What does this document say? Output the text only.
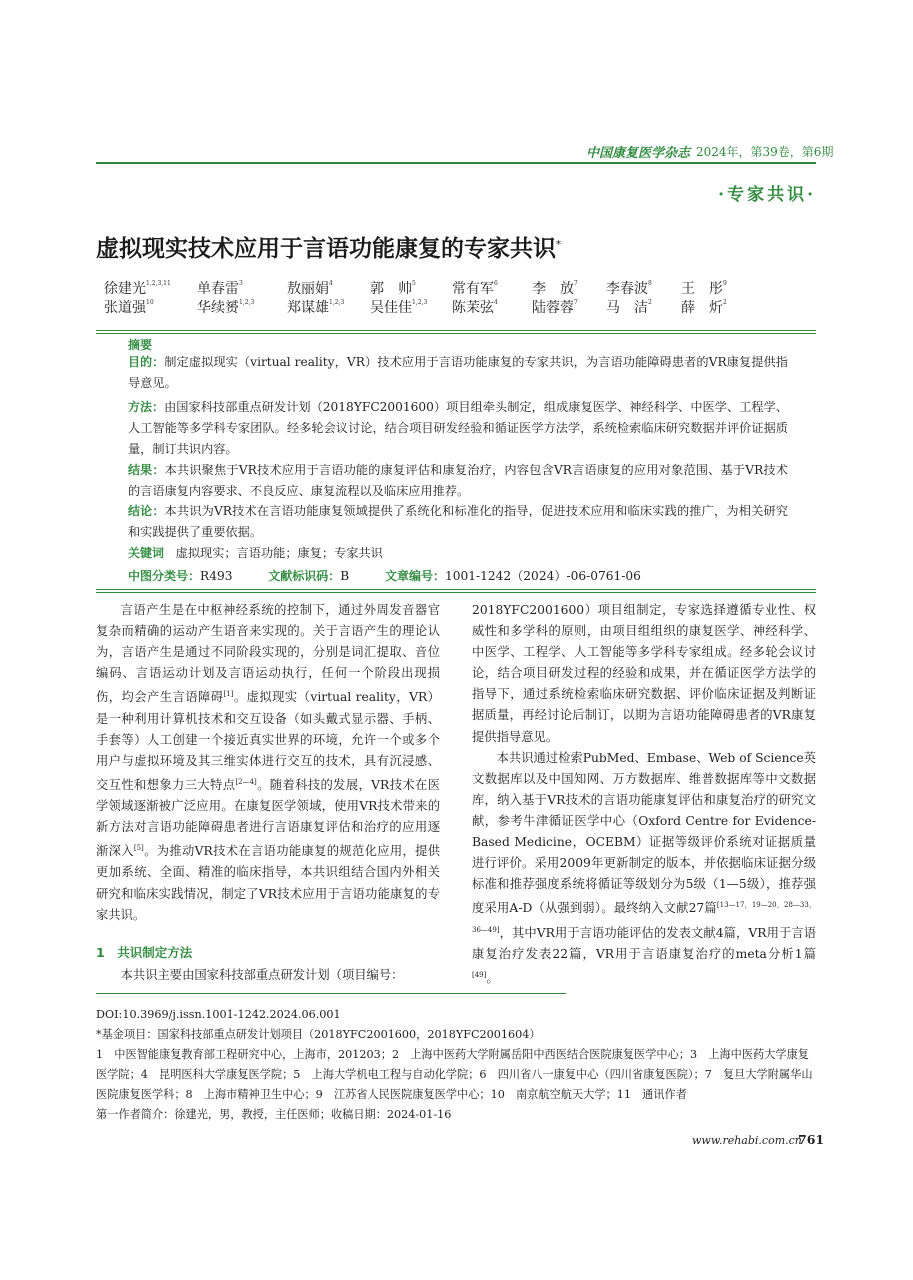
中国康复医学杂志 2024年，第39卷，第6期
·专家共识·
虚拟现实技术应用于言语功能康复的专家共识*
徐建光$^{1,2,3,11}$ 单春雷$^3$	敖丽娟$^4$	郭　帅$^5$	常有军$^6$ 李　放$^7$ 李春波$^8$ 王　彤$^9$
张道强$^{10}$	华续赟$^{1,2,3}$ 郑谋雄$^{1,2,3}$ 吴佳佳$^{1,2,3}$ 陈茉弦$^4$ 陆蓉蓉$^7$ 马　洁$^2$ 薛　炘$^2$
摘要
目的：制定虚拟现实（virtual reality，VR）技术应用于言语功能康复的专家共识，为言语功能障碍患者的VR康复提供指导意见。
方法：由国家科技部重点研发计划（2018YFC2001600）项目组牵头制定，组成康复医学、神经科学、中医学、工程学、人工智能等多学科专家团队。经多轮会议讨论，结合项目研发经验和循证医学方法学，系统检索临床研究数据并评价证据质量，制订共识内容。
结果：本共识聚焦于VR技术应用于言语功能的康复评估和康复治疗，内容包含VR言语康复的应用对象范围、基于VR技术的言语康复内容要求、不良反应、康复流程以及临床应用推荐。
结论：本共识为VR技术在言语功能康复领域提供了系统化和标准化的指导，促进技术应用和临床实践的推广，为相关研究和实践提供了重要依据。
关键词 虚拟现实；言语功能；康复；专家共识
中图分类号：R493	文献标识码：B	文章编号：1001-1242（2024）-06-0761-06

言语产生是在中枢神经系统的控制下，通过外周发音器官复杂而精确的运动产生语音来实现的。关于言语产生的理论认为，言语产生是通过不同阶段实现的，分别是词汇提取、音位编码、言语运动计划及言语运动执行，任何一个阶段出现损伤，均会产生言语障碍[1]。虚拟现实（virtual reality，VR）是一种利用计算机技术和交互设备（如头戴式显示器、手柄、手套等）人工创建一个接近真实世界的环境，允许一个或多个用户与虚拟环境及其三维实体进行交互的技术，具有沉浸感、交互性和想象力三大特点[2—4]。随着科技的发展，VR技术在医学领域逐渐被广泛应用。在康复医学领域，使用VR技术带来的新方法对言语功能障碍患者进行言语康复评估和治疗的应用逐渐深入[5]。为推动VR技术在言语功能康复的规范化应用，提供更加系统、全面、精准的临床指导，本共识组结合国内外相关研究和临床实践情况，制定了VR技术应用于言语功能康复的专家共识。

1　共识制定方法

本共识主要由国家科技部重点研发计划（项目编号：

2018YFC2001600）项目组制定，专家选择遵循专业性、权威性和多学科的原则，由项目组组织的康复医学、神经科学、中医学、工程学、人工智能等多学科专家组成。经多轮会议讨论，结合项目研发过程的经验和成果，并在循证医学方法学的指导下，通过系统检索临床研究数据、评价临床证据及判断证据质量，再经讨论后制订，以期为言语功能障碍患者的VR康复提供指导意见。

本共识通过检索PubMed、Embase、Web of Science英文数据库以及中国知网、万方数据库、维普数据库等中文数据库，纳入基于VR技术的言语功能康复评估和康复治疗的研究文献，参考牛津循证医学中心（Oxford Centre for Evidence-Based Medicine，OCEBM）证据等级评价系统对证据质量进行评价。采用2009年更新制定的版本，并依据临床证据分级标准和推荐强度系统将循证等级划分为5级（1—5级），推荐强度采用A-D（从强到弱）。最终纳入文献27篇[13—17，19—20，28—33，36—49]，其中VR用于言语功能评估的发表文献4篇，VR用于言语康复治疗发表22篇，VR用于言语康复治疗的meta分析1篇[49]。

DOI:10.3969/j.issn.1001-1242.2024.06.001
*基金项目：国家科技部重点研发计划项目（2018YFC2001600，2018YFC2001604）
1　中医智能康复教育部工程研究中心，上海市，201203；2　上海中医药大学附属岳阳中西医结合医院康复医学中心；3　上海中医药大学康复医学院；4　昆明医科大学康复医学院；5　上海大学机电工程与自动化学院；6　四川省八一康复中心（四川省康复医院）；7　复旦大学附属华山医院康复医学科；8　上海市精神卫生中心；9　江苏省人民医院康复医学中心；10　南京航空航天大学；11　通讯作者
第一作者简介：徐建光，男，教授，主任医师；收稿日期：2024-01-16
www.rehabi.com.cn
761
